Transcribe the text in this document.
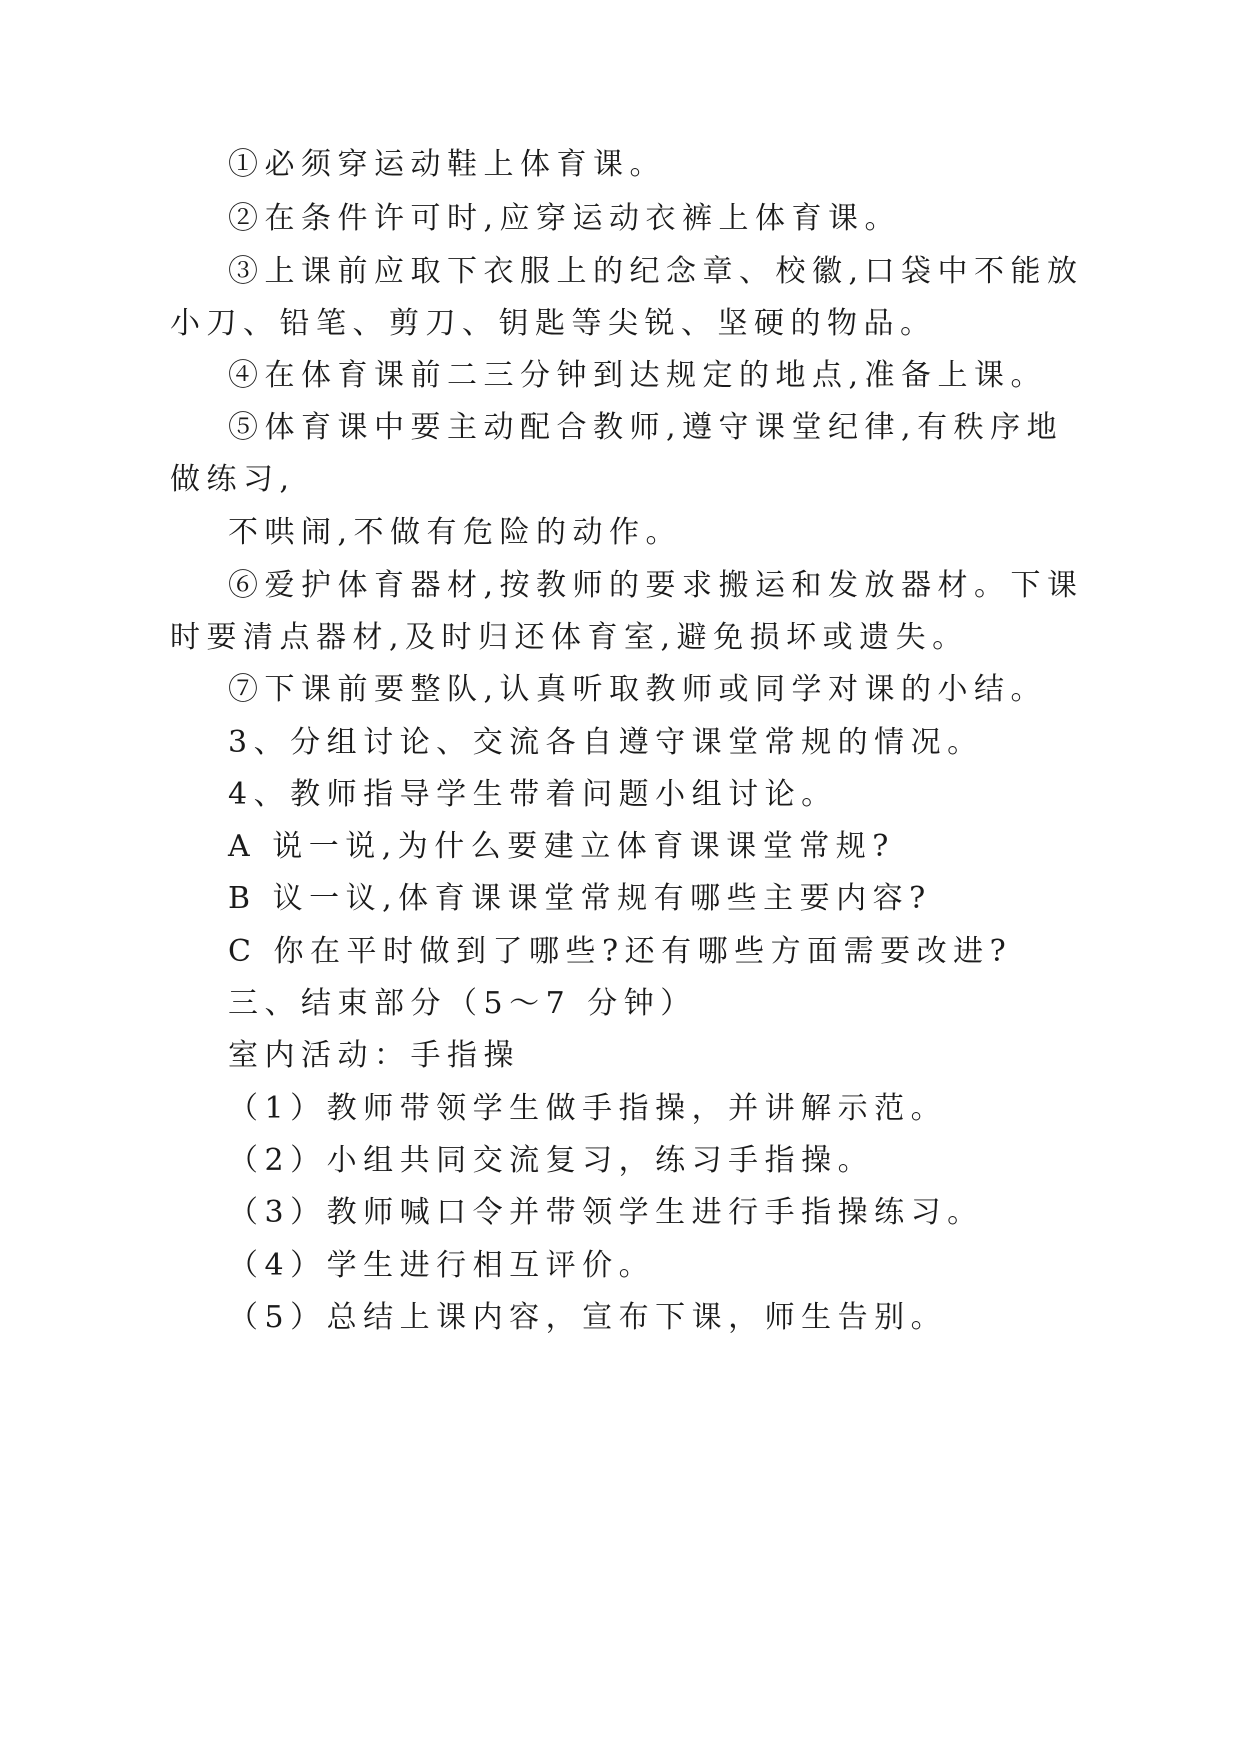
①必须穿运动鞋上体育课。

②在条件许可时,应穿运动衣裤上体育课。

③上课前应取下衣服上的纪念章、校徽,口袋中不能放

小刀、铅笔、剪刀、钥匙等尖锐、坚硬的物品。

④在体育课前二三分钟到达规定的地点,准备上课。

⑤体育课中要主动配合教师,遵守课堂纪律,有秩序地

做练习,

不哄闹,不做有危险的动作。

⑥爱护体育器材,按教师的要求搬运和发放器材。下课

时要清点器材,及时归还体育室,避免损坏或遗失。

⑦下课前要整队,认真听取教师或同学对课的小结。

3、分组讨论、交流各自遵守课堂常规的情况。

4、教师指导学生带着问题小组讨论。

A 说一说,为什么要建立体育课课堂常规?

B 议一议,体育课课堂常规有哪些主要内容?

C 你在平时做到了哪些?还有哪些方面需要改进?

三、结束部分（5～7 分钟）

室内活动：手指操

（1）教师带领学生做手指操，并讲解示范。

（2）小组共同交流复习，练习手指操。

（3）教师喊口令并带领学生进行手指操练习。

（4）学生进行相互评价。

（5）总结上课内容，宣布下课，师生告别。
